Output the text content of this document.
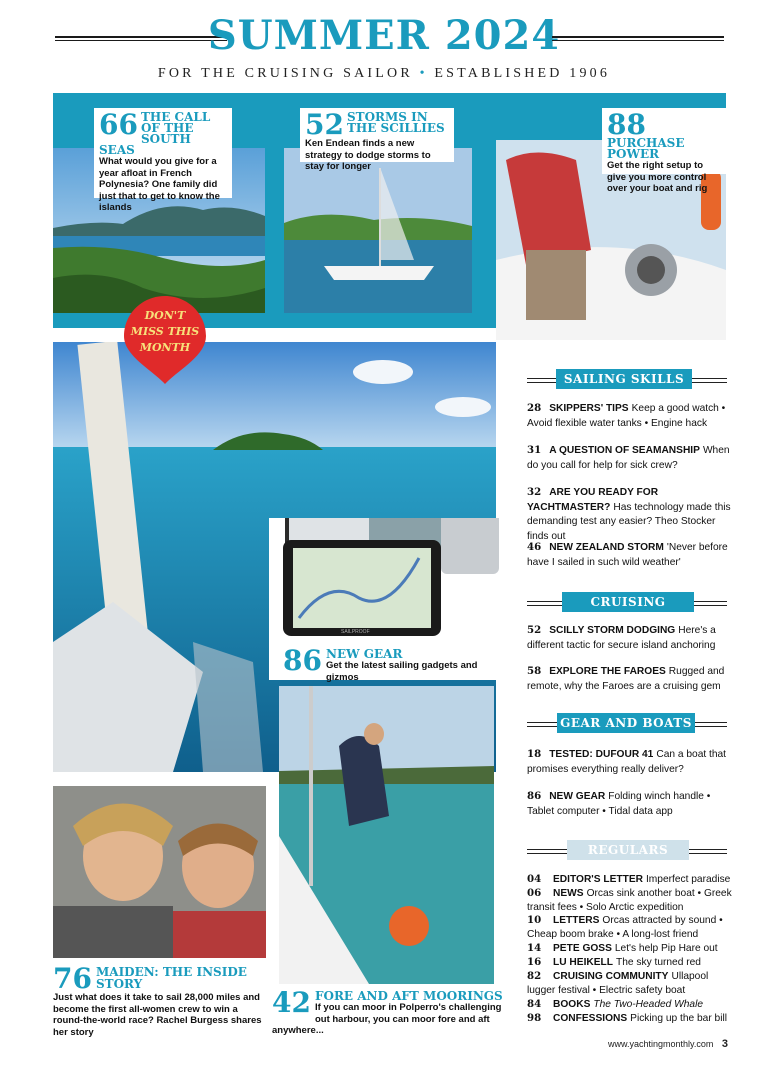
SUMMER 2024
FOR THE CRUISING SAILOR • ESTABLISHED 1906
66 THE CALL OF THE SOUTH SEAS
What would you give for a year afloat in French Polynesia? One family did just that to get to know the islands
52 STORMS IN THE SCILLIES
Ken Endean finds a new strategy to dodge storms to stay for longer
88
PURCHASE POWER
Get the right setup to give you more control over your boat and rig
DON'T MISS THIS MONTH
SAILPROOF
86 NEW GEAR
Get the latest sailing gadgets and gizmos
76 MAIDEN: THE INSIDE STORY
Just what does it take to sail 28,000 miles and become the first all-women crew to win a round-the-world race? Rachel Burgess shares her story
42 FORE AND AFT MOORINGS
If you can moor in Polperro's challenging out harbour, you can moor fore and aft anywhere...
SAILING SKILLS
28 SKIPPERS' TIPS Keep a good watch • Avoid flexible water tanks • Engine hack
31 A QUESTION OF SEAMANSHIP When do you call for help for sick crew?
32 ARE YOU READY FOR YACHTMASTER? Has technology made this demanding test any easier? Theo Stocker finds out
46 NEW ZEALAND STORM 'Never before have I sailed in such wild weather'
CRUISING
52 SCILLY STORM DODGING Here's a different tactic for secure island anchoring
58 EXPLORE THE FAROES Rugged and remote, why the Faroes are a cruising gem
GEAR AND BOATS
18 TESTED: DUFOUR 41 Can a boat that promises everything really deliver?
86 NEW GEAR Folding winch handle • Tablet computer • Tidal data app
REGULARS
04 EDITOR'S LETTER Imperfect paradise
06 NEWS Orcas sink another boat • Greek transit fees • Solo Arctic expedition
10 LETTERS Orcas attracted by sound • Cheap boom brake • A long-lost friend
14 PETE GOSS Let's help Pip Hare out
16 LU HEIKELL The sky turned red
82 CRUISING COMMUNITY Ullapool lugger festival • Electric safety boat
84 BOOKS The Two-Headed Whale
98 CONFESSIONS Picking up the bar bill
www.yachtingmonthly.com 3
